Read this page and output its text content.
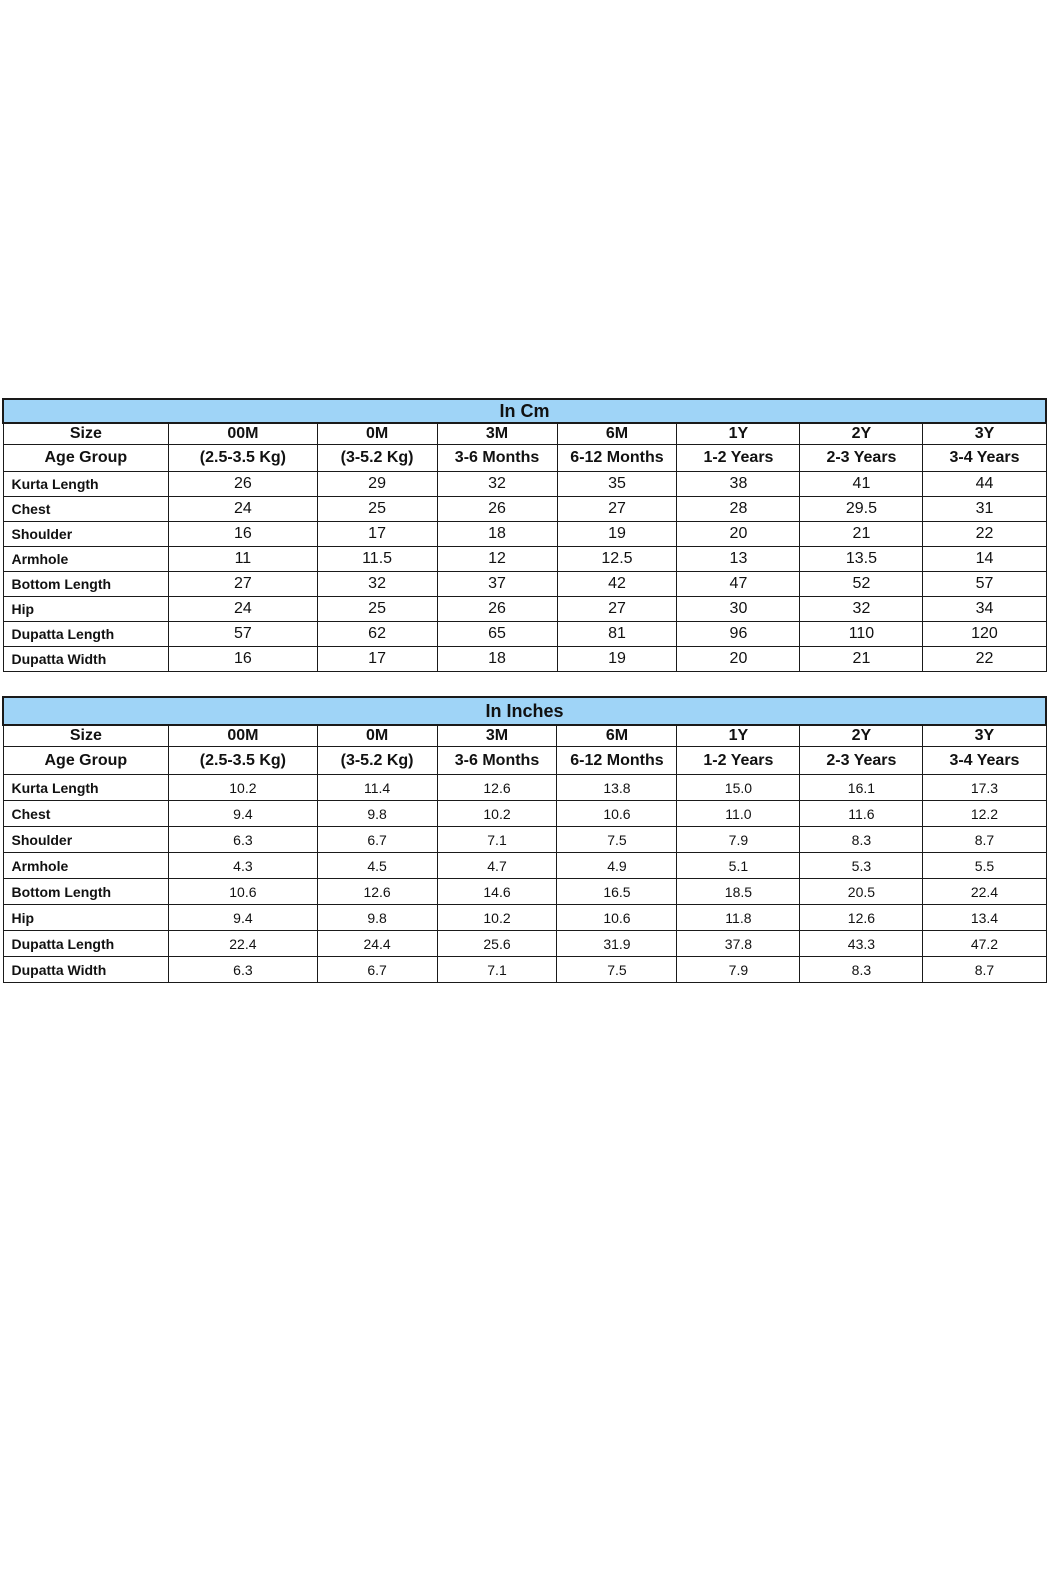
In Cm							
Size	00M	0M	3M	6M	1Y	2Y	3Y
Age Group	(2.5-3.5 Kg)	(3-5.2 Kg)	3-6 Months	6-12 Months	1-2 Years	2-3 Years	3-4 Years
Kurta Length	26	29	32	35	38	41	44
Chest	24	25	26	27	28	29.5	31
Shoulder	16	17	18	19	20	21	22
Armhole	11	11.5	12	12.5	13	13.5	14
Bottom Length	27	32	37	42	47	52	57
Hip	24	25	26	27	30	32	34
Dupatta Length	57	62	65	81	96	110	120
Dupatta Width	16	17	18	19	20	21	22
In Inches							
Size	00M	0M	3M	6M	1Y	2Y	3Y
Age Group	(2.5-3.5 Kg)	(3-5.2 Kg)	3-6 Months	6-12 Months	1-2 Years	2-3 Years	3-4 Years
Kurta Length	10.2	11.4	12.6	13.8	15.0	16.1	17.3
Chest	9.4	9.8	10.2	10.6	11.0	11.6	12.2
Shoulder	6.3	6.7	7.1	7.5	7.9	8.3	8.7
Armhole	4.3	4.5	4.7	4.9	5.1	5.3	5.5
Bottom Length	10.6	12.6	14.6	16.5	18.5	20.5	22.4
Hip	9.4	9.8	10.2	10.6	11.8	12.6	13.4
Dupatta Length	22.4	24.4	25.6	31.9	37.8	43.3	47.2
Dupatta Width	6.3	6.7	7.1	7.5	7.9	8.3	8.7
